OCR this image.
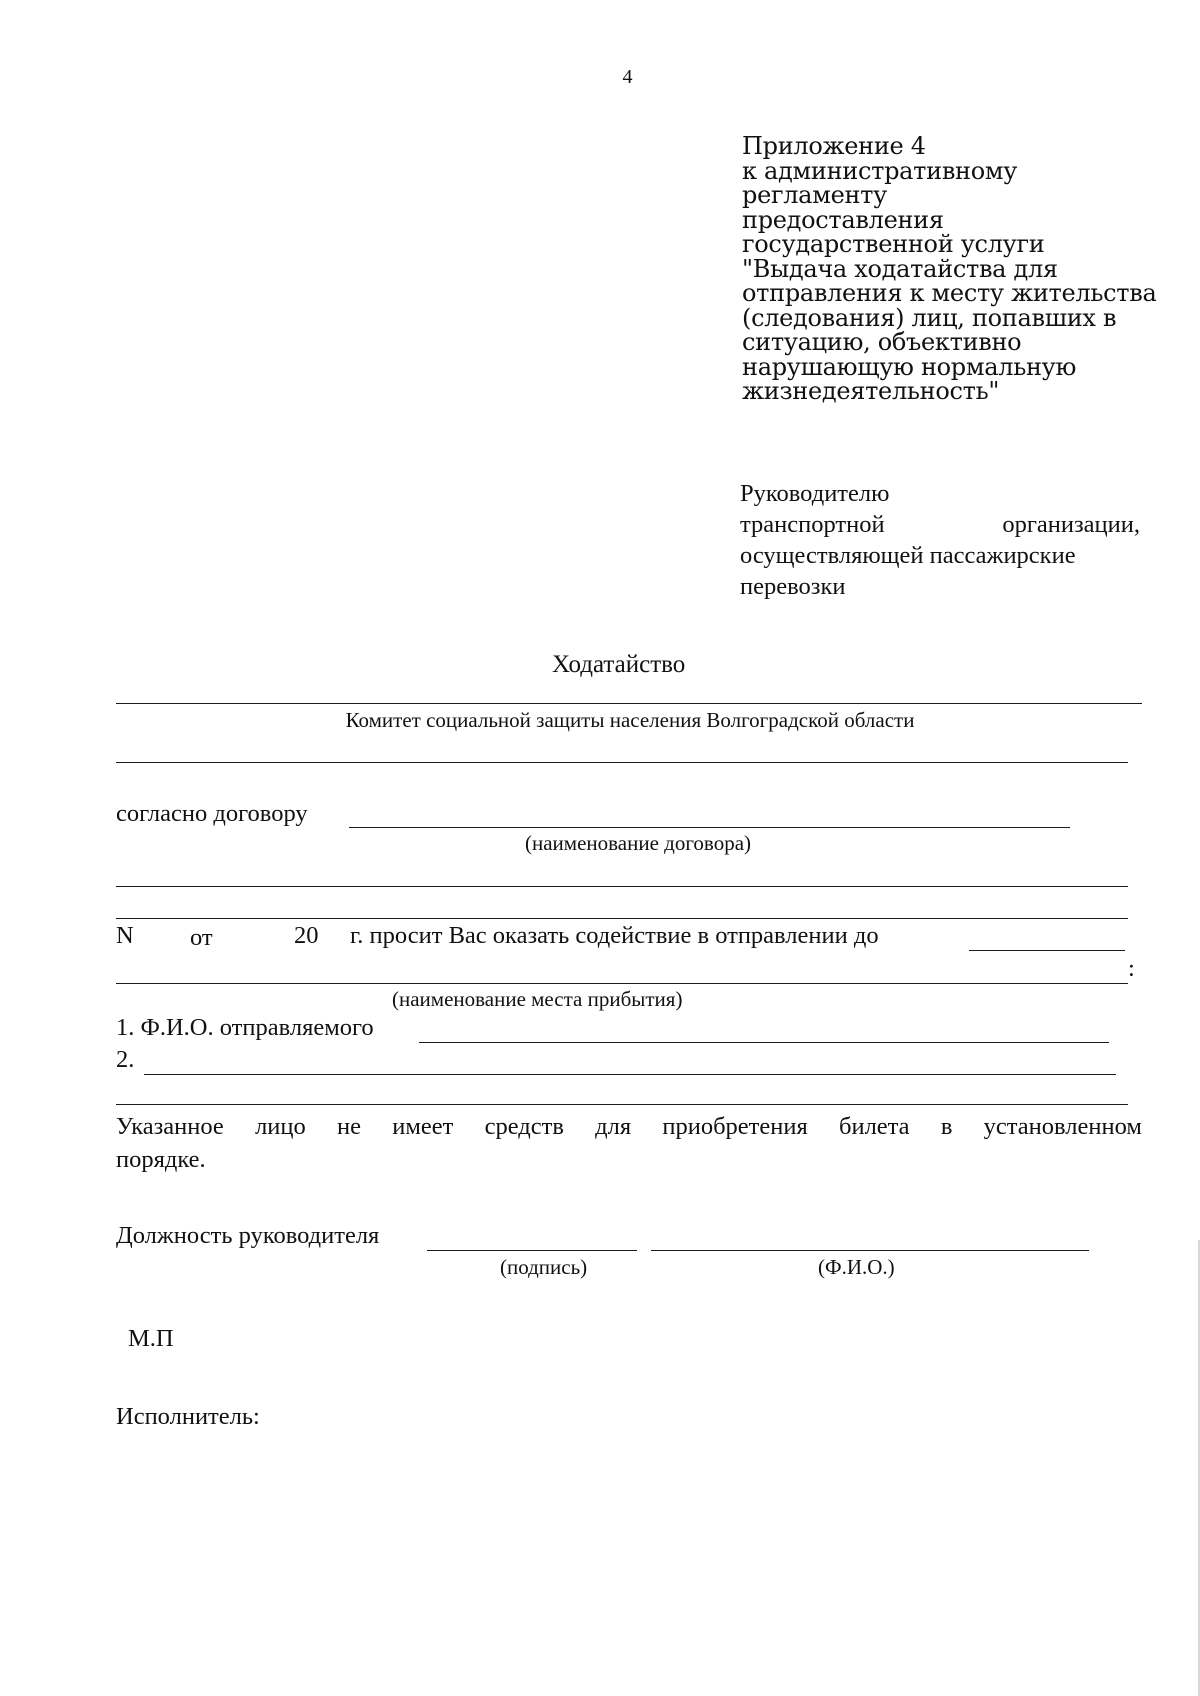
4
Приложение 4
к административному
регламенту
предоставления
государственной услуги
"Выдача ходатайства для
отправления к месту жительства
(следования) лиц, попавших в
ситуацию, объективно
нарушающую нормальную
жизнедеятельность"
Руководителю
транспортной	организации,
осуществляющей пассажирские
перевозки
Ходатайство
Комитет социальной защиты населения Волгоградской области
согласно договору
(наименование договора)
N от	20 г. просит Вас оказать содействие в отправлении до
:
(наименование места прибытия)
1. Ф.И.О. отправляемого
2.
Указанное лицо не имеет средств для приобретения билета в установленном
порядке.
Должность руководителя
(подпись)	(Ф.И.О.)
М.П
Исполнитель:
